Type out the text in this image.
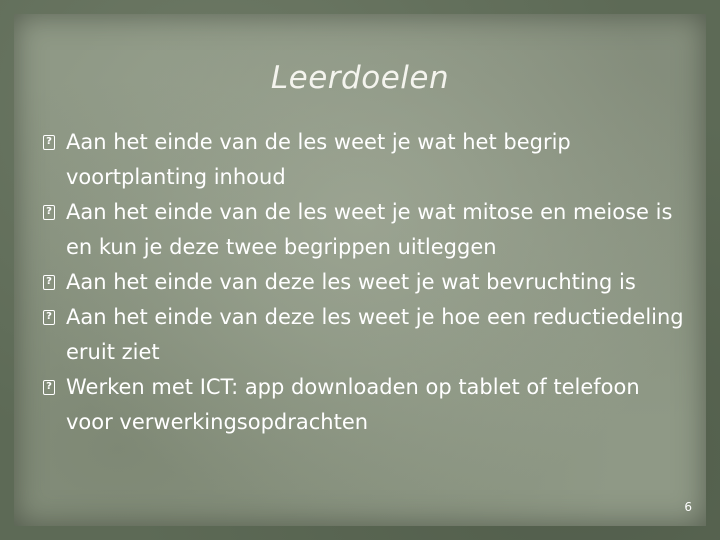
Leerdoelen
? Aan het einde van de les weet je wat het begrip voortplanting inhoud
? Aan het einde van de les weet je wat mitose en meiose is en kun je deze twee begrippen uitleggen
? Aan het einde van deze les weet je wat bevruchting is
? Aan het einde van deze les weet je hoe een reductiedeling eruit ziet
? Werken met ICT: app downloaden op tablet of telefoon voor verwerkingsopdrachten
6
